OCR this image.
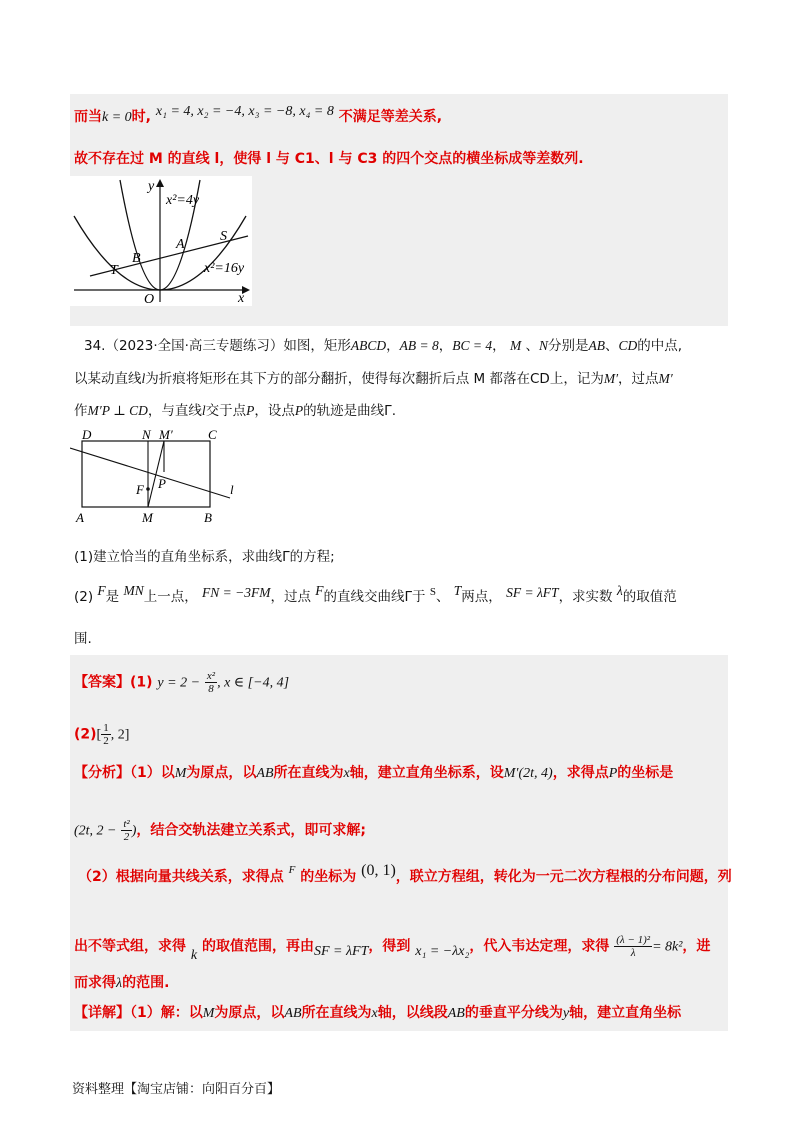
而当k = 0时, x₁ = 4, x₂ = −4, x₃ = −8, x₄ = 8 不满足等差关系,
故不存在过 M 的直线 l，使得 l 与 C1、l 与 C3 的四个交点的横坐标成等差数列.
y
x
O
x²=4y
x²=16y
T
B
A
S
34.（2023·全国·高三专题练习）如图，矩形ABCD，AB = 8，BC = 4， M 、N分别是AB、CD的中点,
以某动直线l为折痕将矩形在其下方的部分翻折，使得每次翻折后点 M 都落在CD上，记为M′，过点M′
作M′P ⊥ CD，与直线l交于点P，设点P的轨迹是曲线Γ.
D	N M′	C
F P	l
A	M	B
(1)建立恰当的直角坐标系，求曲线Γ的方程;
(2) F是 MN上一点， FN = −3FM，过点 F的直线交曲线Γ于 $^S$、 T两点， SF = λFT，求实数 λ的取值范
围.
【答案】(1) $y = 2 - \frac{\text{x²}}{8}$ , x ∈ [−4, 4]
$(2)[ \frac{1}{2}$ , 2]
【分析】（1）以M为原点，以AB所在直线为x轴，建立直角坐标系，设M′(2t, 4)，求得点P的坐标是
(2t, $2 - \frac{\text{t²}}{2}$ )，结合交轨法建立关系式，即可求解;
（2）根据向量共线关系，求得点 $^F$ 的坐标为 (0, 1)，联立方程组，转化为一元二次方程根的分布问题，列
出不等式组，求得 k 的取值范围，再由SF = λFT，得到 x₁ = −λx₂，代入韦达定理，求得 $\frac{\text{(λ − 1)²}}{\lambda} = 8k^2$，进
而求得λ的范围.
【详解】（1）解：以M为原点，以AB所在直线为x轴，以线段AB的垂直平分线为y轴，建立直角坐标
资料整理【淘宝店铺：向阳百分百】
